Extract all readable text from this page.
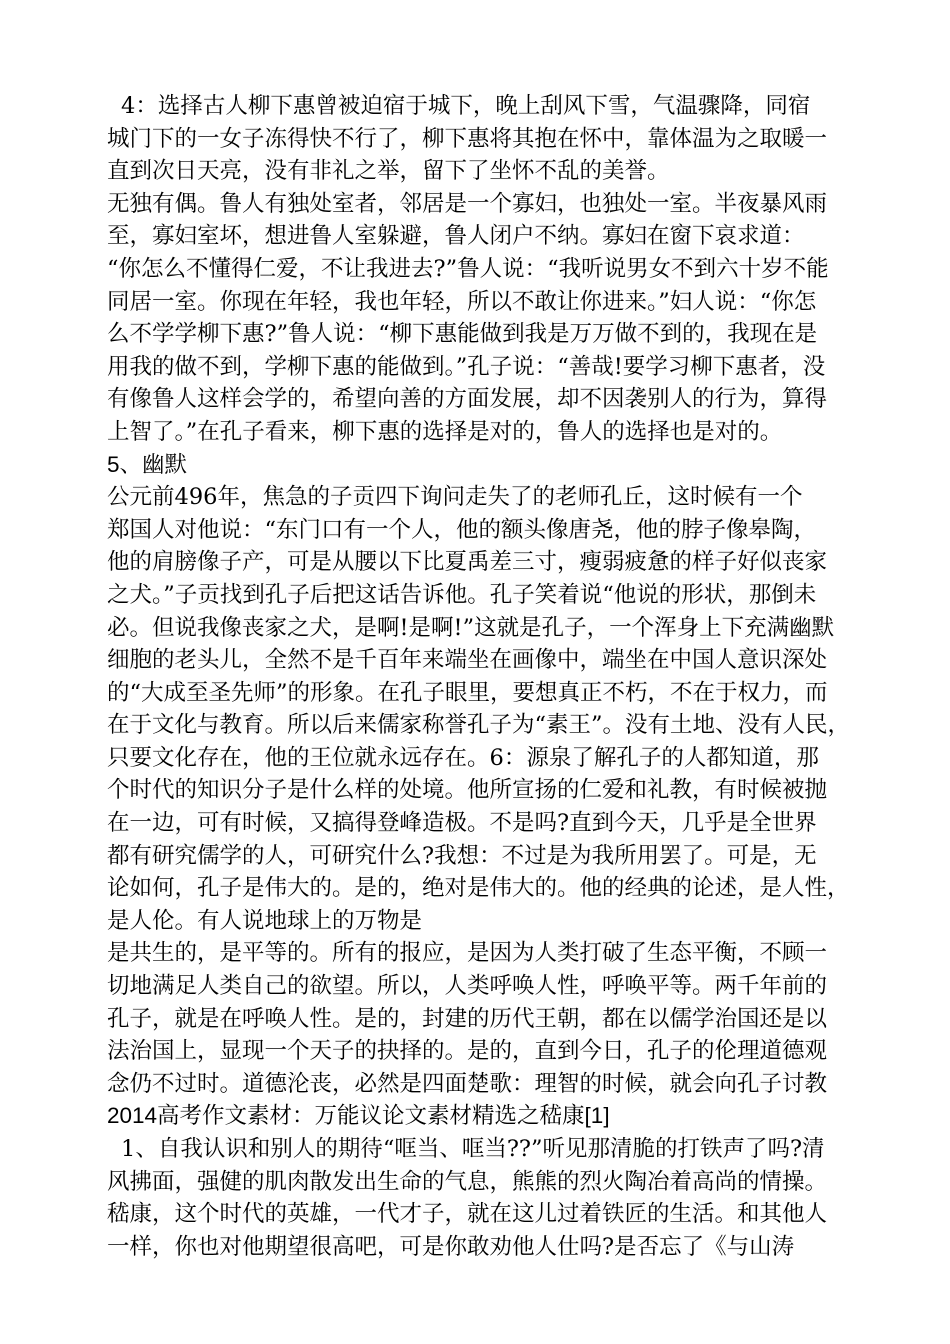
4：选择古人柳下惠曾被迫宿于城下，晚上刮风下雪，气温骤降，同宿
城门下的一女子冻得快不行了，柳下惠将其抱在怀中，靠体温为之取暖一
直到次日天亮，没有非礼之举，留下了坐怀不乱的美誉。
无独有偶。鲁人有独处室者，邻居是一个寡妇，也独处一室。半夜暴风雨
至，寡妇室坏，想进鲁人室躲避，鲁人闭户不纳。寡妇在窗下哀求道：
“你怎么不懂得仁爱，不让我进去?”鲁人说：“我听说男女不到六十岁不能
同居一室。你现在年轻，我也年轻，所以不敢让你进来。”妇人说：“你怎
么不学学柳下惠?”鲁人说：“柳下惠能做到我是万万做不到的，我现在是
用我的做不到，学柳下惠的能做到。”孔子说：“善哉!要学习柳下惠者，没
有像鲁人这样会学的，希望向善的方面发展，却不因袭别人的行为，算得
上智了。”在孔子看来，柳下惠的选择是对的，鲁人的选择也是对的。
5、幽默
公元前496年，焦急的子贡四下询问走失了的老师孔丘，这时候有一个
郑国人对他说：“东门口有一个人，他的额头像唐尧，他的脖子像皋陶，
他的肩膀像子产，可是从腰以下比夏禹差三寸，瘦弱疲惫的样子好似丧家
之犬。”子贡找到孔子后把这话告诉他。孔子笑着说“他说的形状，那倒未
必。但说我像丧家之犬，是啊!是啊!”这就是孔子，一个浑身上下充满幽默
细胞的老头儿，全然不是千百年来端坐在画像中，端坐在中国人意识深处
的“大成至圣先师”的形象。在孔子眼里，要想真正不朽，不在于权力，而
在于文化与教育。所以后来儒家称誉孔子为“素王”。没有土地、没有人民，
只要文化存在，他的王位就永远存在。6：源泉了解孔子的人都知道，那
个时代的知识分子是什么样的处境。他所宣扬的仁爱和礼教，有时候被抛
在一边，可有时候，又搞得登峰造极。不是吗?直到今天，几乎是全世界
都有研究儒学的人，可研究什么?我想：不过是为我所用罢了。可是，无
论如何，孔子是伟大的。是的，绝对是伟大的。他的经典的论述，是人性，
是人伦。有人说地球上的万物是
是共生的，是平等的。所有的报应，是因为人类打破了生态平衡，不顾一
切地满足人类自己的欲望。所以，人类呼唤人性，呼唤平等。两千年前的
孔子，就是在呼唤人性。是的，封建的历代王朝，都在以儒学治国还是以
法治国上，显现一个天子的抉择的。是的，直到今日，孔子的伦理道德观
念仍不过时。道德沦丧，必然是四面楚歌：理智的时候，就会向孔子讨教
2014高考作文素材：万能议论文素材精选之嵇康[1]
1、自我认识和别人的期待“哐当、哐当??”听见那清脆的打铁声了吗?清
风拂面，强健的肌肉散发出生命的气息，熊熊的烈火陶冶着高尚的情操。
嵇康，这个时代的英雄，一代才子，就在这儿过着铁匠的生活。和其他人
一样，你也对他期望很高吧，可是你敢劝他人仕吗?是否忘了《与山涛
